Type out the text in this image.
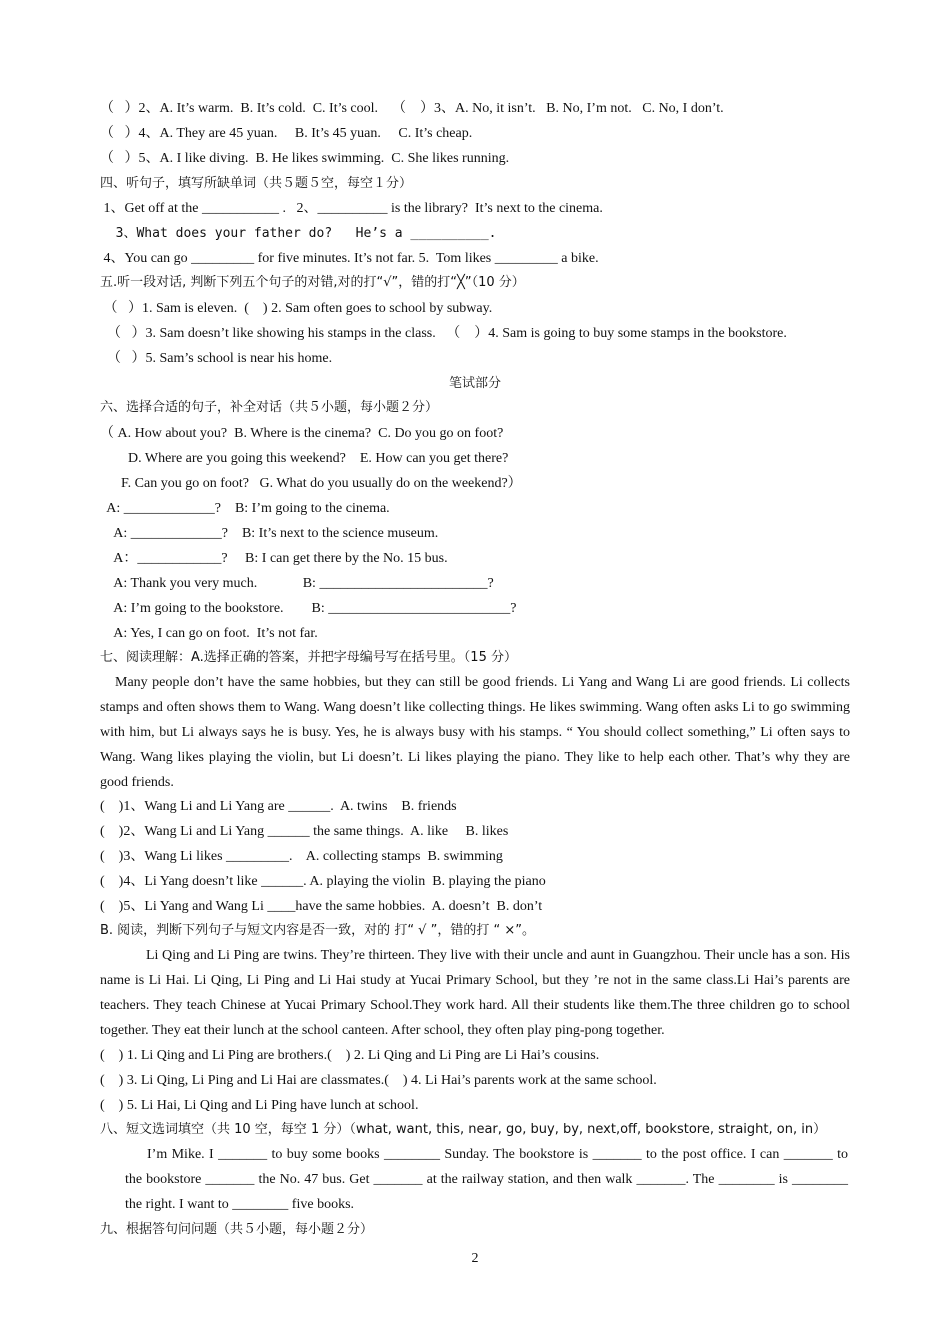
（   ）2、A. It’s warm.  B. It’s cold.  C. It’s cool.    （    ）3、A. No, it isn’t.   B. No, I’m not.   C. No, I don’t.
（   ）4、A. They are 45 yuan.     B. It’s 45 yuan.     C. It’s cheap.
（   ）5、A. I like diving.  B. He likes swimming.  C. She likes running.
四、听句子，填写所缺单词（共５题５空，每空１分）
1、Get off at the ___________ .   2、__________ is the library?  It’s next to the cinema.
3、What does your father do?   He’s a __________.
4、You can go _________ for five minutes. It’s not far. 5.  Tom likes _________ a bike.
五.听一段对话, 判断下列五个句子的对错,对的打“√”，错的打“╳”（10 分）
（   ）1. Sam is eleven.  (    ) 2. Sam often goes to school by subway.
（   ）3. Sam doesn’t like showing his stamps in the class.   （    ）4. Sam is going to buy some stamps in the bookstore.
（   ）5. Sam’s school is near his home.
笔试部分
六、选择合适的句子，补全对话（共５小题，每小题２分）
（ A. How about you?  B. Where is the cinema?  C. Do you go on foot?
D. Where are you going this weekend?    E. How can you get there?
F. Can you go on foot?   G. What do you usually do on the weekend?）
A: _____________?    B: I’m going to the cinema.
A: _____________?    B: It’s next to the science museum.
A：____________?     B: I can get there by the No. 15 bus.
A: Thank you very much.             B: ________________________?
A: I’m going to the bookstore.        B: __________________________?
A: Yes, I can go on foot.  It’s not far.
七、阅读理解：A.选择正确的答案，并把字母编号写在括号里。（15 分）
Many people don’t have the same hobbies, but they can still be good friends. Li Yang and Wang Li are good friends. Li collects stamps and often shows them to Wang. Wang doesn’t like collecting things. He likes swimming. Wang often asks Li to go swimming with him, but Li always says he is busy. Yes, he is always busy with his stamps. “ You should collect something,” Li often says to Wang. Wang likes playing the violin, but Li doesn’t. Li likes playing the piano. They like to help each other. That’s why they are good friends.
(    )1、Wang Li and Li Yang are ______.  A. twins    B. friends
(    )2、Wang Li and Li Yang ______ the same things.  A. like     B. likes
(    )3、Wang Li likes _________.    A. collecting stamps  B. swimming
(    )4、Li Yang doesn’t like ______. A. playing the violin  B. playing the piano
(    )5、Li Yang and Wang Li ____have the same hobbies.  A. doesn’t  B. don’t
B. 阅读，判断下列句子与短文内容是否一致，对的 打“ √ ”，错的打 “ ×”。
Li Qing and Li Ping are twins. They’re thirteen. They live with their uncle and aunt in Guangzhou. Their uncle has a son. His name is Li Hai. Li Qing, Li Ping and Li Hai study at Yucai Primary School, but they ’re not in the same class.Li Hai’s parents are teachers. They teach Chinese at Yucai Primary School.They work hard. All their students like them.The three children go to school together. They eat their lunch at the school canteen. After school, they often play ping-pong together.
(    ) 1. Li Qing and Li Ping are brothers.(    ) 2. Li Qing and Li Ping are Li Hai’s cousins.
(    ) 3. Li Qing, Li Ping and Li Hai are classmates.(    ) 4. Li Hai’s parents work at the same school.
(    ) 5. Li Hai, Li Qing and Li Ping have lunch at school.
八、短文选词填空（共 10 空，每空 1 分）（what, want, this, near, go, buy, by, next,off, bookstore, straight, on, in）
I’m Mike. I _______ to buy some books ________ Sunday. The bookstore is _______ to the post office. I can _______ to the bookstore _______ the No. 47 bus. Get _______ at the railway station, and then walk _______. The ________ is ________ the right. I want to ________ five books.
九、根据答句问问题（共５小题，每小题２分）
2
